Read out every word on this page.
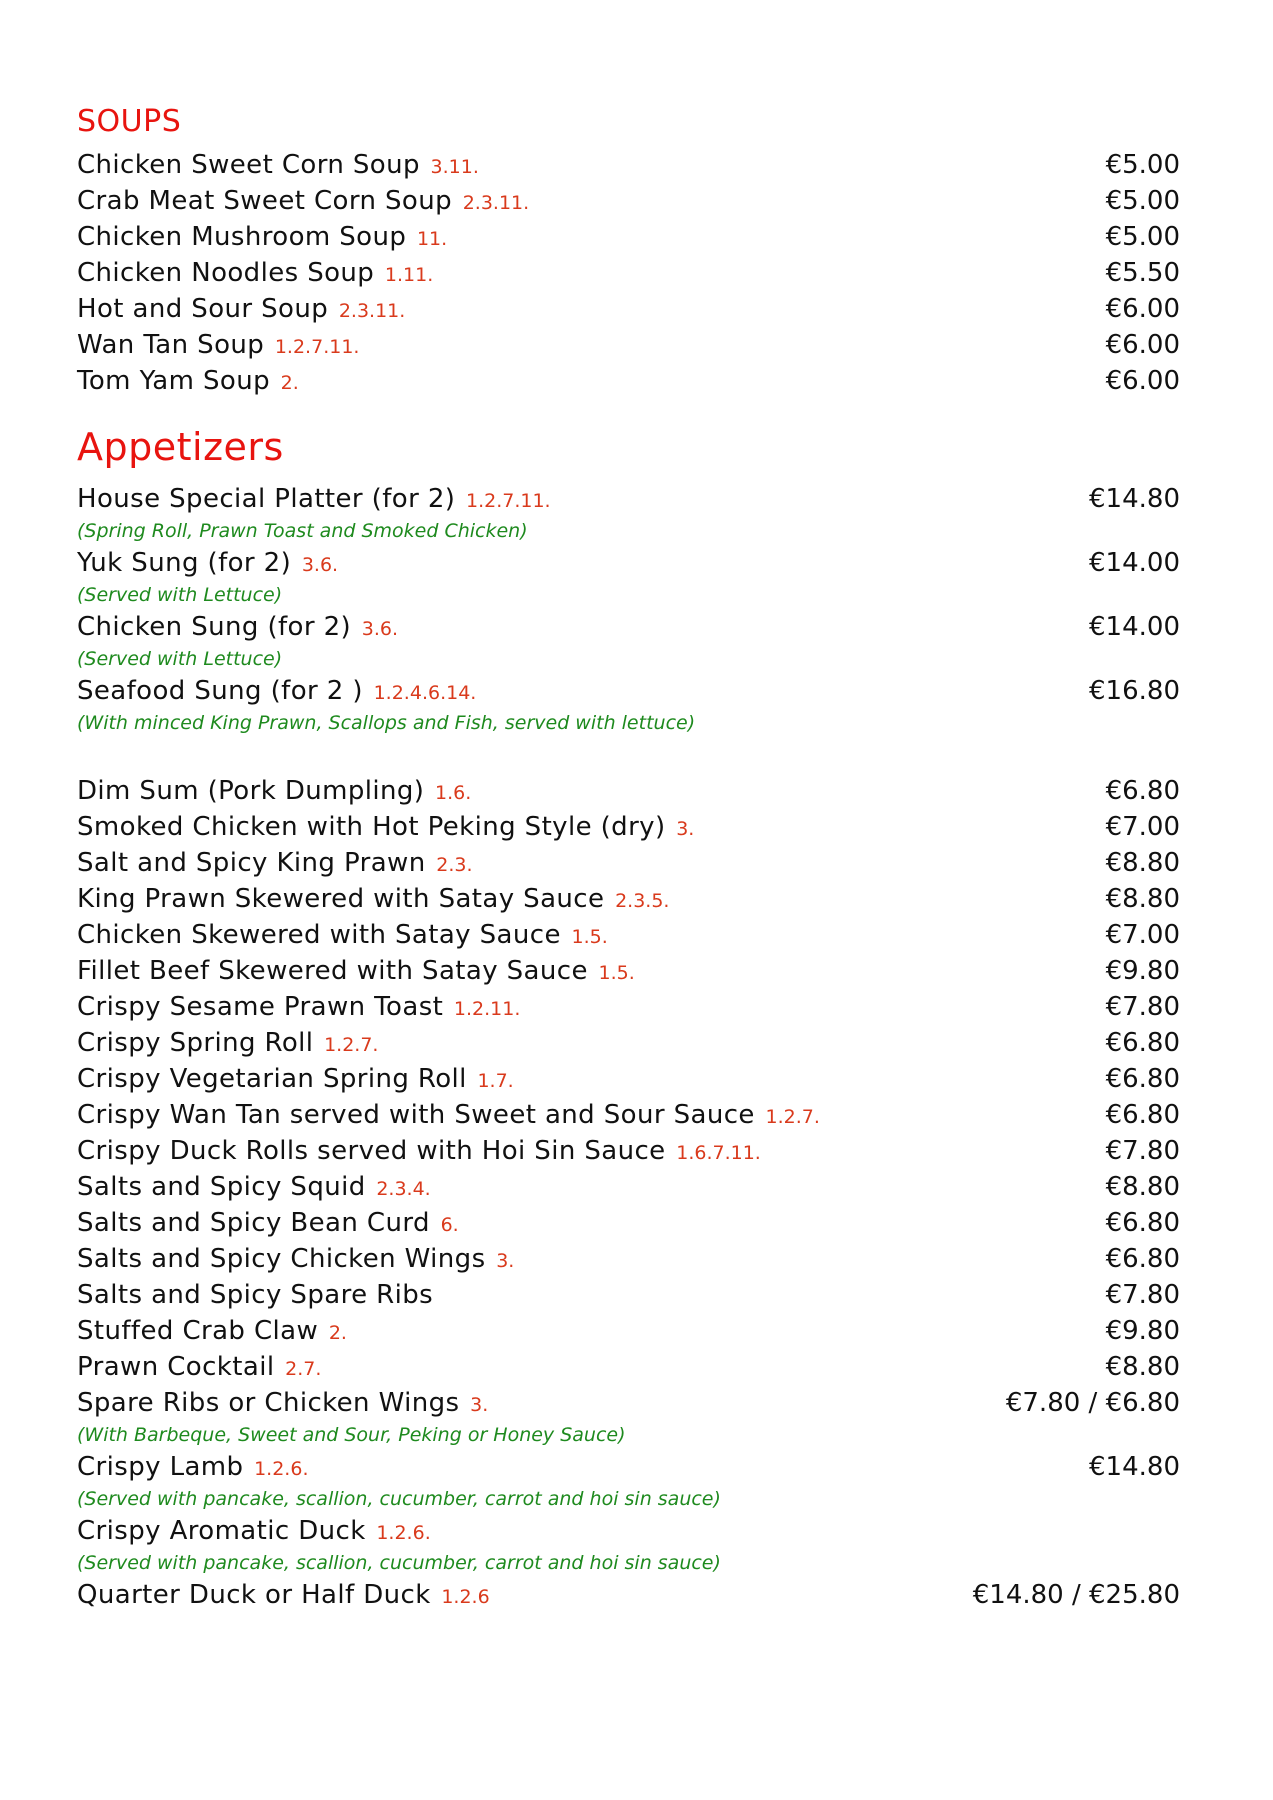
SOUPS
Chicken Sweet Corn Soup 3.11.	€5.00
Crab Meat Sweet Corn Soup 2.3.11.	€5.00
Chicken Mushroom Soup 11.	€5.00
Chicken Noodles Soup 1.11.	€5.50
Hot and Sour Soup 2.3.11.	€6.00
Wan Tan Soup 1.2.7.11.	€6.00
Tom Yam Soup 2.	€6.00
Appetizers
House Special Platter (for 2) 1.2.7.11.	€14.80
(Spring Roll, Prawn Toast and Smoked Chicken)
Yuk Sung (for 2) 3.6.	€14.00
(Served with Lettuce)
Chicken Sung (for 2) 3.6.	€14.00
(Served with Lettuce)
Seafood Sung (for 2 ) 1.2.4.6.14.	€16.80
(With minced King Prawn, Scallops and Fish, served with lettuce)
Dim Sum (Pork Dumpling) 1.6.	€6.80
Smoked Chicken with Hot Peking Style (dry) 3.	€7.00
Salt and Spicy King Prawn 2.3.	€8.80
King Prawn Skewered with Satay Sauce 2.3.5.	€8.80
Chicken Skewered with Satay Sauce 1.5.	€7.00
Fillet Beef Skewered with Satay Sauce 1.5.	€9.80
Crispy Sesame Prawn Toast 1.2.11.	€7.80
Crispy Spring Roll 1.2.7.	€6.80
Crispy Vegetarian Spring Roll 1.7.	€6.80
Crispy Wan Tan served with Sweet and Sour Sauce 1.2.7.	€6.80
Crispy Duck Rolls served with Hoi Sin Sauce 1.6.7.11.	€7.80
Salts and Spicy Squid 2.3.4.	€8.80
Salts and Spicy Bean Curd 6.	€6.80
Salts and Spicy Chicken Wings 3.	€6.80
Salts and Spicy Spare Ribs	€7.80
Stuffed Crab Claw 2.	€9.80
Prawn Cocktail 2.7.	€8.80
Spare Ribs or Chicken Wings 3.	€7.80 / €6.80
(With Barbeque, Sweet and Sour, Peking or Honey Sauce)
Crispy Lamb 1.2.6.	€14.80
(Served with pancake, scallion, cucumber, carrot and hoi sin sauce)
Crispy Aromatic Duck 1.2.6.
(Served with pancake, scallion, cucumber, carrot and hoi sin sauce)
Quarter Duck or Half Duck 1.2.6	€14.80 / €25.80
